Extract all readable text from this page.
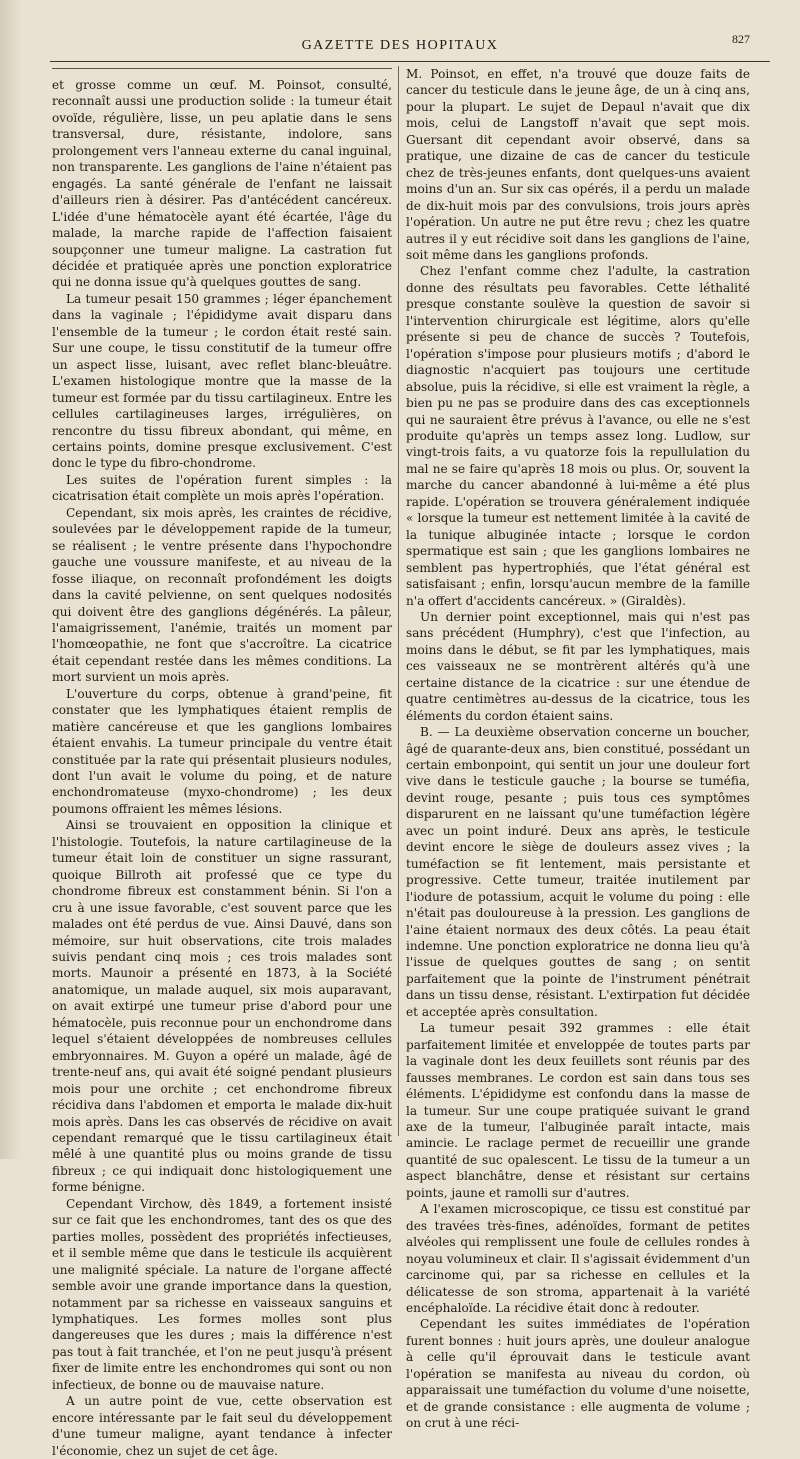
GAZETTE DES HOPITAUX	827

et grosse comme un œuf. M. Poinsot, consulté, reconnaît aussi une production solide : la tumeur était ovoïde, régulière, lisse, un peu aplatie dans le sens transversal, dure, résistante, indolore, sans prolongement vers l'anneau externe du canal inguinal, non transparente. Les ganglions de l'aine n'étaient pas engagés. La santé générale de l'enfant ne laissait d'ailleurs rien à désirer. Pas d'antécédent cancéreux. L'idée d'une hématocèle ayant été écartée, l'âge du malade, la marche rapide de l'affection faisaient soupçonner une tumeur maligne. La castration fut décidée et pratiquée après une ponction exploratrice qui ne donna issue qu'à quelques gouttes de sang.

La tumeur pesait 150 grammes ; léger épanchement dans la vaginale ; l'épididyme avait disparu dans l'ensemble de la tumeur ; le cordon était resté sain. Sur une coupe, le tissu constitutif de la tumeur offre un aspect lisse, luisant, avec reflet blanc-bleuâtre. L'examen histologique montre que la masse de la tumeur est formée par du tissu cartilagineux. Entre les cellules cartilagineuses larges, irrégulières, on rencontre du tissu fibreux abondant, qui même, en certains points, domine presque exclusivement. C'est donc le type du fibro-chondrome.

Les suites de l'opération furent simples : la cicatrisation était complète un mois après l'opération.

Cependant, six mois après, les craintes de récidive, soulevées par le développement rapide de la tumeur, se réalisent ; le ventre présente dans l'hypochondre gauche une voussure manifeste, et au niveau de la fosse iliaque, on reconnaît profondément les doigts dans la cavité pelvienne, on sent quelques nodosités qui doivent être des ganglions dégénérés. La pâleur, l'amaigrissement, l'anémie, traités un moment par l'homœopathie, ne font que s'accroître. La cicatrice était cependant restée dans les mêmes conditions. La mort survient un mois après.

L'ouverture du corps, obtenue à grand'peine, fit constater que les lymphatiques étaient remplis de matière cancéreuse et que les ganglions lombaires étaient envahis. La tumeur principale du ventre était constituée par la rate qui présentait plusieurs nodules, dont l'un avait le volume du poing, et de nature enchondromateuse (myxo-chondrome) ; les deux poumons offraient les mêmes lésions.

Ainsi se trouvaient en opposition la clinique et l'histologie. Toutefois, la nature cartilagineuse de la tumeur était loin de constituer un signe rassurant, quoique Billroth ait professé que ce type du chondrome fibreux est constamment bénin. Si l'on a cru à une issue favorable, c'est souvent parce que les malades ont été perdus de vue. Ainsi Dauvé, dans son mémoire, sur huit observations, cite trois malades suivis pendant cinq mois ; ces trois malades sont morts. Maunoir a présenté en 1873, à la Société anatomique, un malade auquel, six mois auparavant, on avait extirpé une tumeur prise d'abord pour une hématocèle, puis reconnue pour un enchondrome dans lequel s'étaient développées de nombreuses cellules embryonnaires. M. Guyon a opéré un malade, âgé de trente-neuf ans, qui avait été soigné pendant plusieurs mois pour une orchite ; cet enchondrome fibreux récidiva dans l'abdomen et emporta le malade dix-huit mois après. Dans les cas observés de récidive on avait cependant remarqué que le tissu cartilagineux était mêlé à une quantité plus ou moins grande de tissu fibreux ; ce qui indiquait donc histologiquement une forme bénigne.

Cependant Virchow, dès 1849, a fortement insisté sur ce fait que les enchondromes, tant des os que des parties molles, possèdent des propriétés infectieuses, et il semble même que dans le testicule ils acquièrent une malignité spéciale. La nature de l'organe affecté semble avoir une grande importance dans la question, notamment par sa richesse en vaisseaux sanguins et lymphatiques. Les formes molles sont plus dangereuses que les dures ; mais la différence n'est pas tout à fait tranchée, et l'on ne peut jusqu'à présent fixer de limite entre les enchondromes qui sont ou non infectieux, de bonne ou de mauvaise nature.

A un autre point de vue, cette observation est encore intéressante par le fait seul du développement d'une tumeur maligne, ayant tendance à infecter l'économie, chez un sujet de cet âge.

M. Poinsot, en effet, n'a trouvé que douze faits de cancer du testicule dans le jeune âge, de un à cinq ans, pour la plupart. Le sujet de Depaul n'avait que dix mois, celui de Langstoff n'avait que sept mois. Guersant dit cependant avoir observé, dans sa pratique, une dizaine de cas de cancer du testicule chez de très-jeunes enfants, dont quelques-uns avaient moins d'un an. Sur six cas opérés, il a perdu un malade de dix-huit mois par des convulsions, trois jours après l'opération. Un autre ne put être revu ; chez les quatre autres il y eut récidive soit dans les ganglions de l'aine, soit même dans les ganglions profonds.

Chez l'enfant comme chez l'adulte, la castration donne des résultats peu favorables. Cette léthalité presque constante soulève la question de savoir si l'intervention chirurgicale est légitime, alors qu'elle présente si peu de chance de succès ? Toutefois, l'opération s'impose pour plusieurs motifs ; d'abord le diagnostic n'acquiert pas toujours une certitude absolue, puis la récidive, si elle est vraiment la règle, a bien pu ne pas se produire dans des cas exceptionnels qui ne sauraient être prévus à l'avance, ou elle ne s'est produite qu'après un temps assez long. Ludlow, sur vingt-trois faits, a vu quatorze fois la repullulation du mal ne se faire qu'après 18 mois ou plus. Or, souvent la marche du cancer abandonné à lui-même a été plus rapide. L'opération se trouvera généralement indiquée « lorsque la tumeur est nettement limitée à la cavité de la tunique albuginée intacte ; lorsque le cordon spermatique est sain ; que les ganglions lombaires ne semblent pas hypertrophiés, que l'état général est satisfaisant ; enfin, lorsqu'aucun membre de la famille n'a offert d'accidents cancéreux. » (Giraldès).

Un dernier point exceptionnel, mais qui n'est pas sans précédent (Humphry), c'est que l'infection, au moins dans le début, se fit par les lymphatiques, mais ces vaisseaux ne se montrèrent altérés qu'à une certaine distance de la cicatrice : sur une étendue de quatre centimètres au-dessus de la cicatrice, tous les éléments du cordon étaient sains.

B. — La deuxième observation concerne un boucher, âgé de quarante-deux ans, bien constitué, possédant un certain embonpoint, qui sentit un jour une douleur fort vive dans le testicule gauche ; la bourse se tuméfia, devint rouge, pesante ; puis tous ces symptômes disparurent en ne laissant qu'une tuméfaction légère avec un point induré. Deux ans après, le testicule devint encore le siège de douleurs assez vives ; la tuméfaction se fit lentement, mais persistante et progressive. Cette tumeur, traitée inutilement par l'iodure de potassium, acquit le volume du poing : elle n'était pas douloureuse à la pression. Les ganglions de l'aine étaient normaux des deux côtés. La peau était indemne. Une ponction exploratrice ne donna lieu qu'à l'issue de quelques gouttes de sang ; on sentit parfaitement que la pointe de l'instrument pénétrait dans un tissu dense, résistant. L'extirpation fut décidée et acceptée après consultation.

La tumeur pesait 392 grammes : elle était parfaitement limitée et enveloppée de toutes parts par la vaginale dont les deux feuillets sont réunis par des fausses membranes. Le cordon est sain dans tous ses éléments. L'épididyme est confondu dans la masse de la tumeur. Sur une coupe pratiquée suivant le grand axe de la tumeur, l'albuginée paraît intacte, mais amincie. Le raclage permet de recueillir une grande quantité de suc opalescent. Le tissu de la tumeur a un aspect blanchâtre, dense et résistant sur certains points, jaune et ramolli sur d'autres.

A l'examen microscopique, ce tissu est constitué par des travées très-fines, adénoïdes, formant de petites alvéoles qui remplissent une foule de cellules rondes à noyau volumineux et clair. Il s'agissait évidemment d'un carcinome qui, par sa richesse en cellules et la délicatesse de son stroma, appartenait à la variété encéphaloïde. La récidive était donc à redouter.

Cependant les suites immédiates de l'opération furent bonnes : huit jours après, une douleur analogue à celle qu'il éprouvait dans le testicule avant l'opération se manifesta au niveau du cordon, où apparaissait une tuméfaction du volume d'une noisette, et de grande consistance : elle augmenta de volume ; on crut à une réci-
